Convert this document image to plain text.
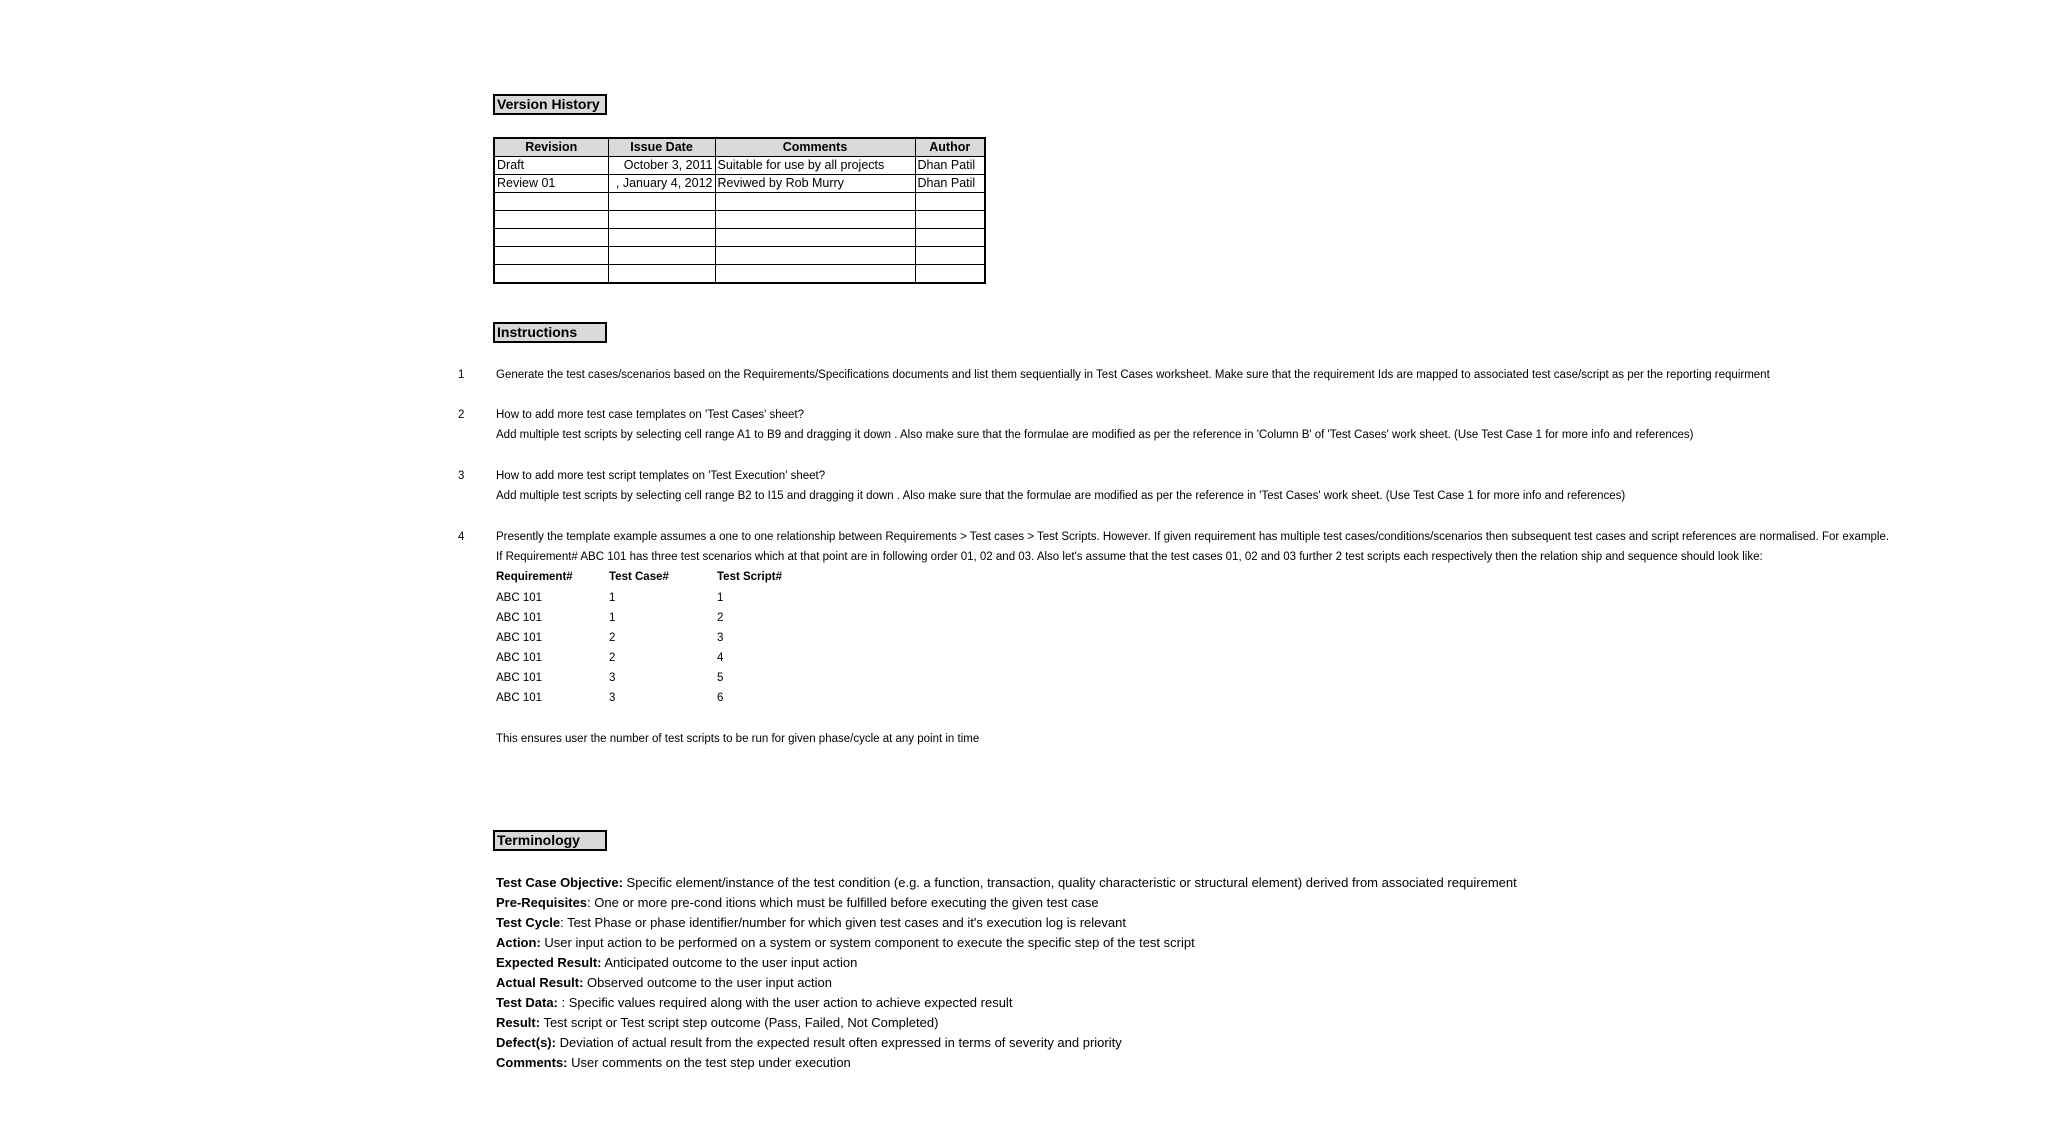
Version History
Revision	Issue Date	Comments	Author
Draft	October 3, 2011	Suitable for use by all projects	Dhan Patil
Review 01	, January 4, 2012	Reviwed by Rob Murry	Dhan Patil

Instructions
1	Generate the test cases/scenarios based on the Requirements/Specifications documents and list them sequentially in Test Cases worksheet. Make sure that the requirement Ids are mapped to associated test case/script as per the reporting requirment
2	How to add more test case templates on 'Test Cases' sheet?
Add multiple test scripts by selecting cell range A1 to B9 and dragging it down . Also make sure that the formulae are modified as per the reference in 'Column B' of 'Test Cases' work sheet. (Use Test Case 1 for more info and references)
3	How to add more test script templates on 'Test Execution' sheet?
Add multiple test scripts by selecting cell range B2 to I15 and dragging it down . Also make sure that the formulae are modified as per the reference in 'Test Cases' work sheet. (Use Test Case 1 for more info and references)
4	Presently the template example assumes a one to one relationship between Requirements > Test cases > Test Scripts. However. If given requirement has multiple test cases/conditions/scenarios then subsequent test cases and script references are normalised. For example.
If Requirement# ABC 101 has three test scenarios which at that point are in following order 01, 02 and 03. Also let's assume that the test cases 01, 02 and 03 further 2 test scripts each respectively then the relation ship and sequence should look like:
Requirement#	Test Case#	Test Script#
ABC 101	1	1
ABC 101	1	2
ABC 101	2	3
ABC 101	2	4
ABC 101	3	5
ABC 101	3	6
This ensures user the number of test scripts to be run for given phase/cycle at any point in time
Terminology
Test Case Objective: Specific element/instance of the test condition (e.g. a function, transaction, quality characteristic or structural element) derived from associated requirement
Pre-Requisites: One or more pre-cond itions which must be fulfilled before executing the given test case
Test Cycle: Test Phase or phase identifier/number for which given test cases and it's execution log is relevant
Action: User input action to be performed on a system or system component to execute the specific step of the test script
Expected Result: Anticipated outcome to the user input action
Actual Result: Observed outcome to the user input action
Test Data: : Specific values required along with the user action to achieve expected result
Result: Test script or Test script step outcome (Pass, Failed, Not Completed)
Defect(s): Deviation of actual result from the expected result often expressed in terms of severity and priority
Comments: User comments on the test step under execution
